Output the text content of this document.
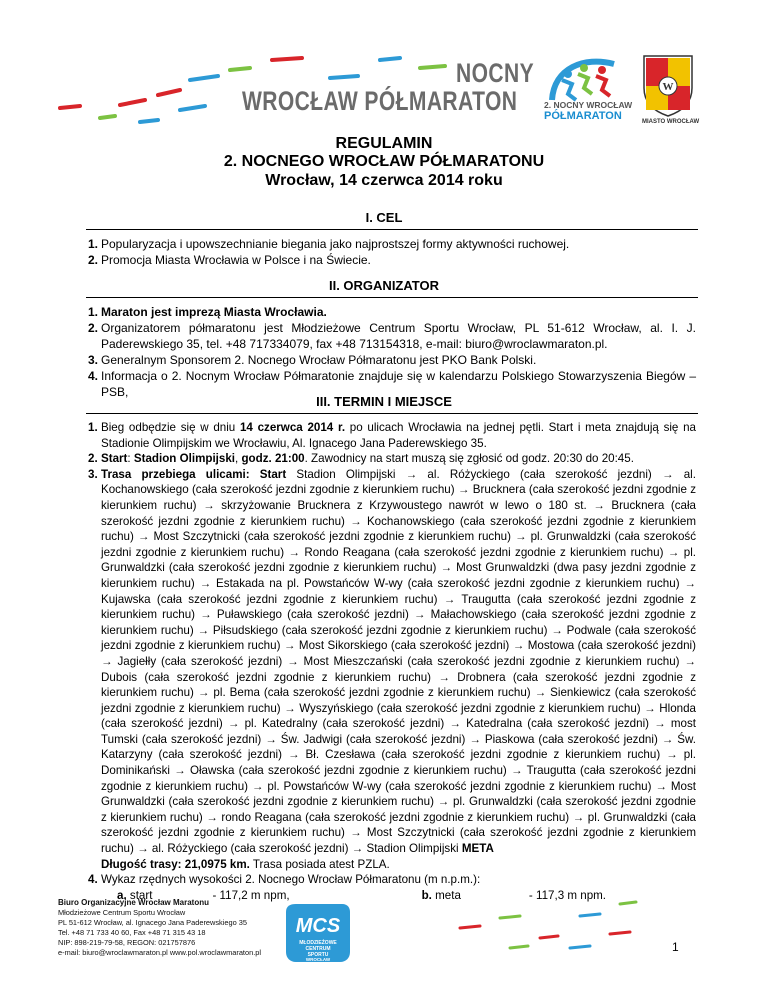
NOCNY
WROCŁAW PÓŁMARATON	2. NOCNY WROCŁAW
PÓŁMARATON
W
MIASTO WROCŁAW
REGULAMIN
2. NOCNEGO WROCŁAW PÓŁMARATONU
Wrocław, 14 czerwca 2014 roku
I. CEL
1. Popularyzacja i upowszechnianie biegania jako najprostszej formy aktywności ruchowej.
2. Promocja Miasta Wrocławia w Polsce i na Świecie.
II. ORGANIZATOR
1. Maraton jest imprezą Miasta Wrocławia.
2. Organizatorem półmaratonu jest Młodzieżowe Centrum Sportu Wrocław, PL 51-612 Wrocław, al. I. J. Paderewskiego 35, tel. +48 717334079, fax +48 713154318, e-mail: biuro@wroclawmaraton.pl.
3. Generalnym Sponsorem 2. Nocnego Wrocław Półmaratonu jest PKO Bank Polski.
4. Informacja o 2. Nocnym Wrocław Półmaratonie znajduje się w kalendarzu Polskiego Stowarzyszenia Biegów – PSB,
III. TERMIN I MIEJSCE
1. Bieg odbędzie się w dniu 14 czerwca 2014 r. po ulicach Wrocławia na jednej pętli. Start i meta znajdują się na Stadionie Olimpijskim we Wrocławiu, Al. Ignacego Jana Paderewskiego 35.
2. Start: Stadion Olimpijski, godz. 21:00. Zawodnicy na start muszą się zgłosić od godz. 20:30 do 20:45.
3. Trasa przebiega ulicami: Start Stadion Olimpijski → al. Różyckiego (cała szerokość jezdni) → al. Kochanowskiego (cała szerokość jezdni zgodnie z kierunkiem ruchu) → Brucknera (cała szerokość jezdni zgodnie z kierunkiem ruchu) → skrzyżowanie Brucknera z Krzywoustego nawrót w lewo o 180 st. → Brucknera (cała szerokość jezdni zgodnie z kierunkiem ruchu) → Kochanowskiego (cała szerokość jezdni zgodnie z kierunkiem ruchu) → Most Szczytnicki (cała szerokość jezdni zgodnie z kierunkiem ruchu) → pl. Grunwaldzki (cała szerokość jezdni zgodnie z kierunkiem ruchu) → Rondo Reagana (cała szerokość jezdni zgodnie z kierunkiem ruchu) → pl. Grunwaldzki (cała szerokość jezdni zgodnie z kierunkiem ruchu) → Most Grunwaldzki (dwa pasy jezdni zgodnie z kierunkiem ruchu) → Estakada na pl. Powstańców W-wy (cała szerokość jezdni zgodnie z kierunkiem ruchu) → Kujawska (cała szerokość jezdni zgodnie z kierunkiem ruchu) → Traugutta (cała szerokość jezdni zgodnie z kierunkiem ruchu) → Puławskiego (cała szerokość jezdni) → Małachowskiego (cała szerokość jezdni zgodnie z kierunkiem ruchu) → Piłsudskiego (cała szerokość jezdni zgodnie z kierunkiem ruchu) → Podwale (cała szerokość jezdni zgodnie z kierunkiem ruchu) → Most Sikorskiego (cała szerokość jezdni) → Mostowa (cała szerokość jezdni) → Jagiełły (cała szerokość jezdni) → Most Mieszczański (cała szerokość jezdni zgodnie z kierunkiem ruchu) → Dubois (cała szerokość jezdni zgodnie z kierunkiem ruchu) → Drobnera (cała szerokość jezdni zgodnie z kierunkiem ruchu) → pl. Bema (cała szerokość jezdni zgodnie z kierunkiem ruchu) → Sienkiewicz (cała szerokość jezdni zgodnie z kierunkiem ruchu) → Wyszyńskiego (cała szerokość jezdni zgodnie z kierunkiem ruchu) → Hlonda (cała szerokość jezdni) → pl. Katedralny (cała szerokość jezdni) → Katedralna (cała szerokość jezdni) → most Tumski (cała szerokość jezdni) → Św. Jadwigi (cała szerokość jezdni) → Piaskowa (cała szerokość jezdni) → Św. Katarzyny (cała szerokość jezdni) → Bł. Czesława (cała szerokość jezdni zgodnie z kierunkiem ruchu) → pl. Dominikański → Oławska (cała szerokość jezdni zgodnie z kierunkiem ruchu) → Traugutta (cała szerokość jezdni zgodnie z kierunkiem ruchu) → pl. Powstańców W-wy (cała szerokość jezdni zgodnie z kierunkiem ruchu) → Most Grunwaldzki (cała szerokość jezdni zgodnie z kierunkiem ruchu) → pl. Grunwaldzki (cała szerokość jezdni zgodnie z kierunkiem ruchu) → rondo Reagana (cała szerokość jezdni zgodnie z kierunkiem ruchu) → pl. Grunwaldzki (cała szerokość jezdni zgodnie z kierunkiem ruchu) → Most Szczytnicki (cała szerokość jezdni zgodnie z kierunkiem ruchu) → al. Różyckiego (cała szerokość jezdni) → Stadion Olimpijski META
Długość trasy: 21,0975 km. Trasa posiada atest PZLA.
4. Wykaz rzędnych wysokości 2. Nocnego Wrocław Półmaratonu (m n.p.m.):
a. start	- 117,2 m npm,	b. meta	- 117,3 m npm.
Biuro Organizacyjne Wrocław Maratonu
Młodzieżowe Centrum Sportu Wrocław
PL 51-612 Wrocław, al. Ignacego Jana Paderewskiego 35
Tel. +48 71 733 40 60, Fax +48 71 315 43 18
NIP: 898-219-79-58, REGON: 021757876
e-mail: biuro@wroclawmaraton.pl www.pol.wroclawmaraton.pl
MCS
MŁODZIEŻOWE
CENTRUM
SPORTU
WROCŁAW
1
